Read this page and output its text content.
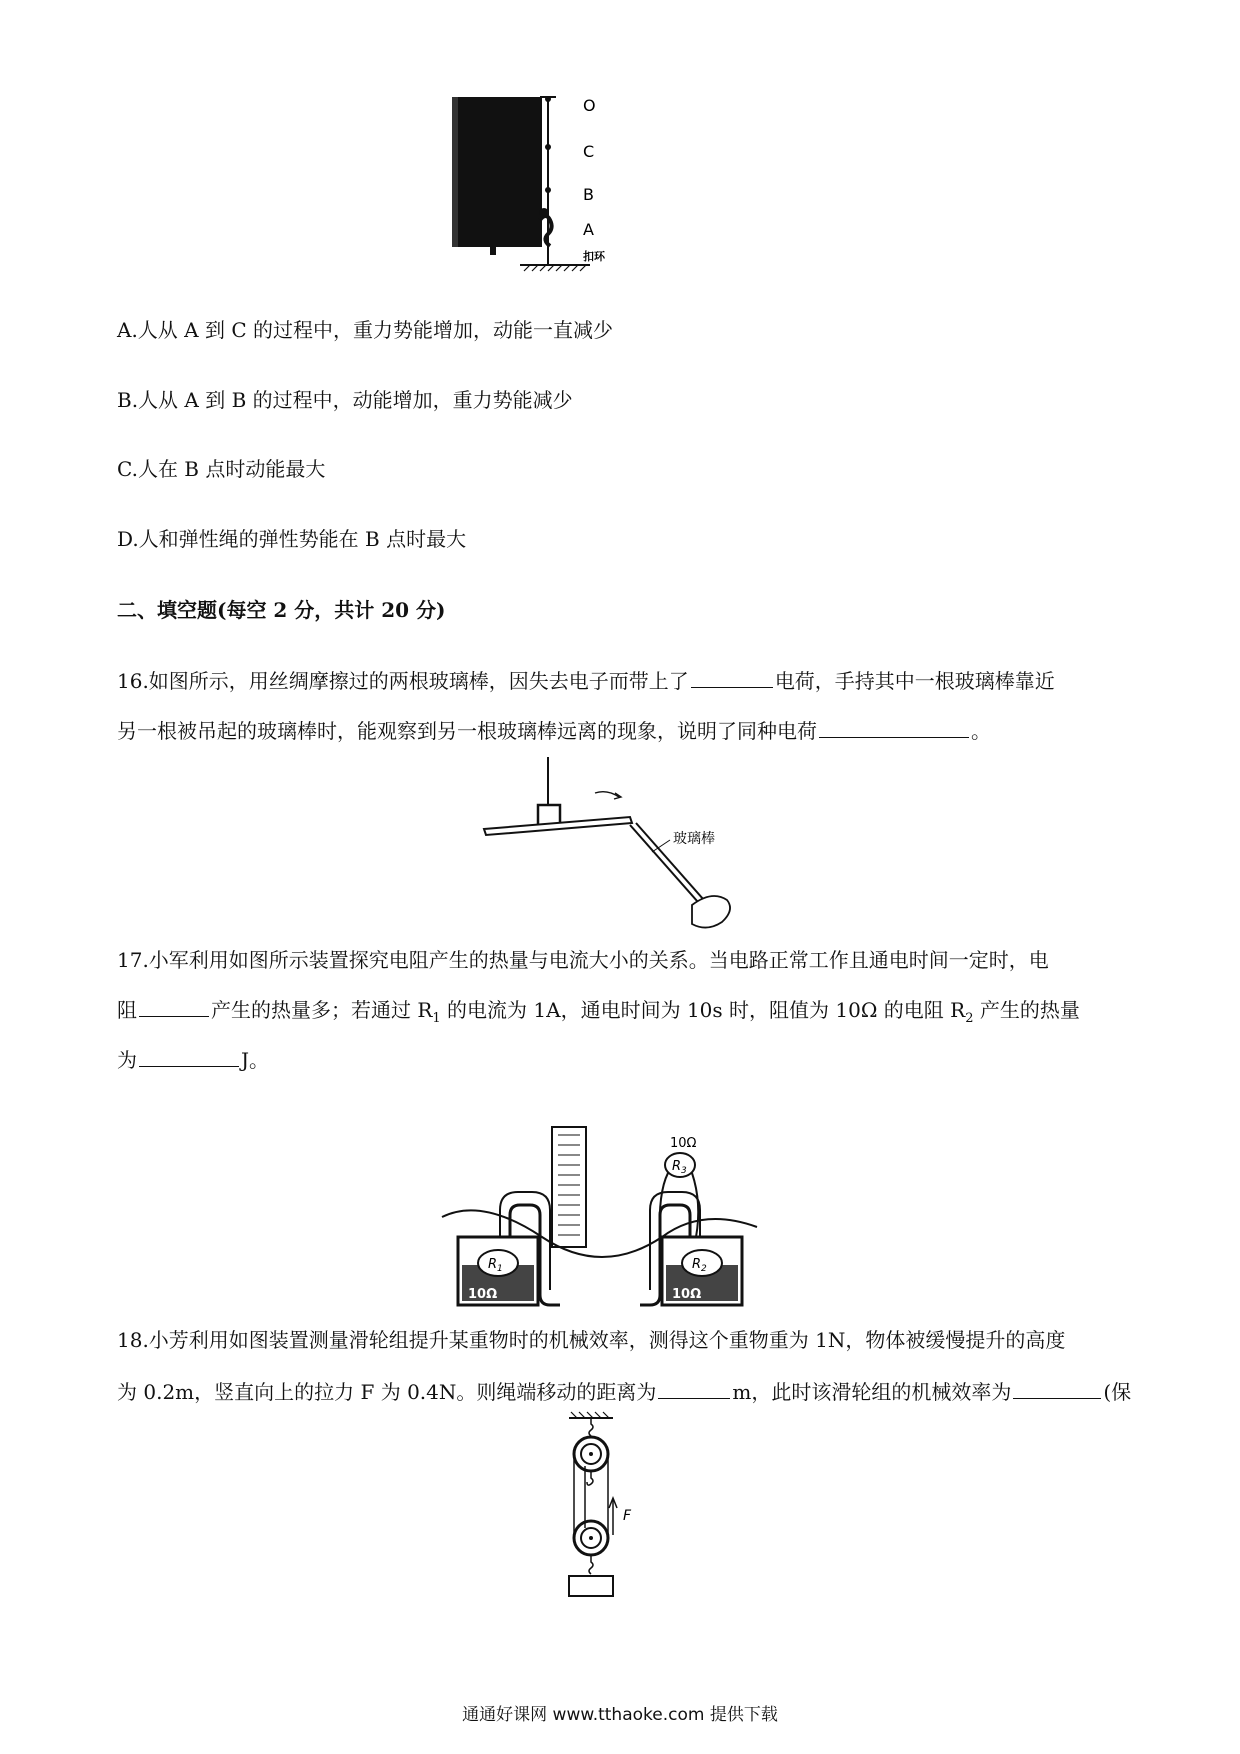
O
C
B
A
扣环
A.人从 A 到 C 的过程中，重力势能增加，动能一直减少
B.人从 A 到 B 的过程中，动能增加，重力势能减少
C.人在 B 点时动能最大
D.人和弹性绳的弹性势能在 B 点时最大
二、填空题(每空 2 分，共计 20 分)
16.如图所示，用丝绸摩擦过的两根玻璃棒，因失去电子而带上了	电荷，手持其中一根玻璃棒靠近
另一根被吊起的玻璃棒时，能观察到另一根玻璃棒远离的现象，说明了同种电荷	。
玻璃棒
17.小军利用如图所示装置探究电阻产生的热量与电流大小的关系。当电路正常工作且通电时间一定时，电
阻	产生的热量多；若通过 $R_1$ 的电流为 1A，通电时间为 10s 时，阻值为 10Ω 的电阻 $R_2$ 产生的热量
为	J。
10Ω
$R_3$
$R_1$	$R_2$
10Ω	10Ω
18.小芳利用如图装置测量滑轮组提升某重物时的机械效率，测得这个重物重为 1N，物体被缓慢提升的高度
为 0.2m，竖直向上的拉力 F 为 0.4N。则绳端移动的距离为	m，此时该滑轮组的机械效率为	(保
F
通通好课网 www.tthaoke.com 提供下载
